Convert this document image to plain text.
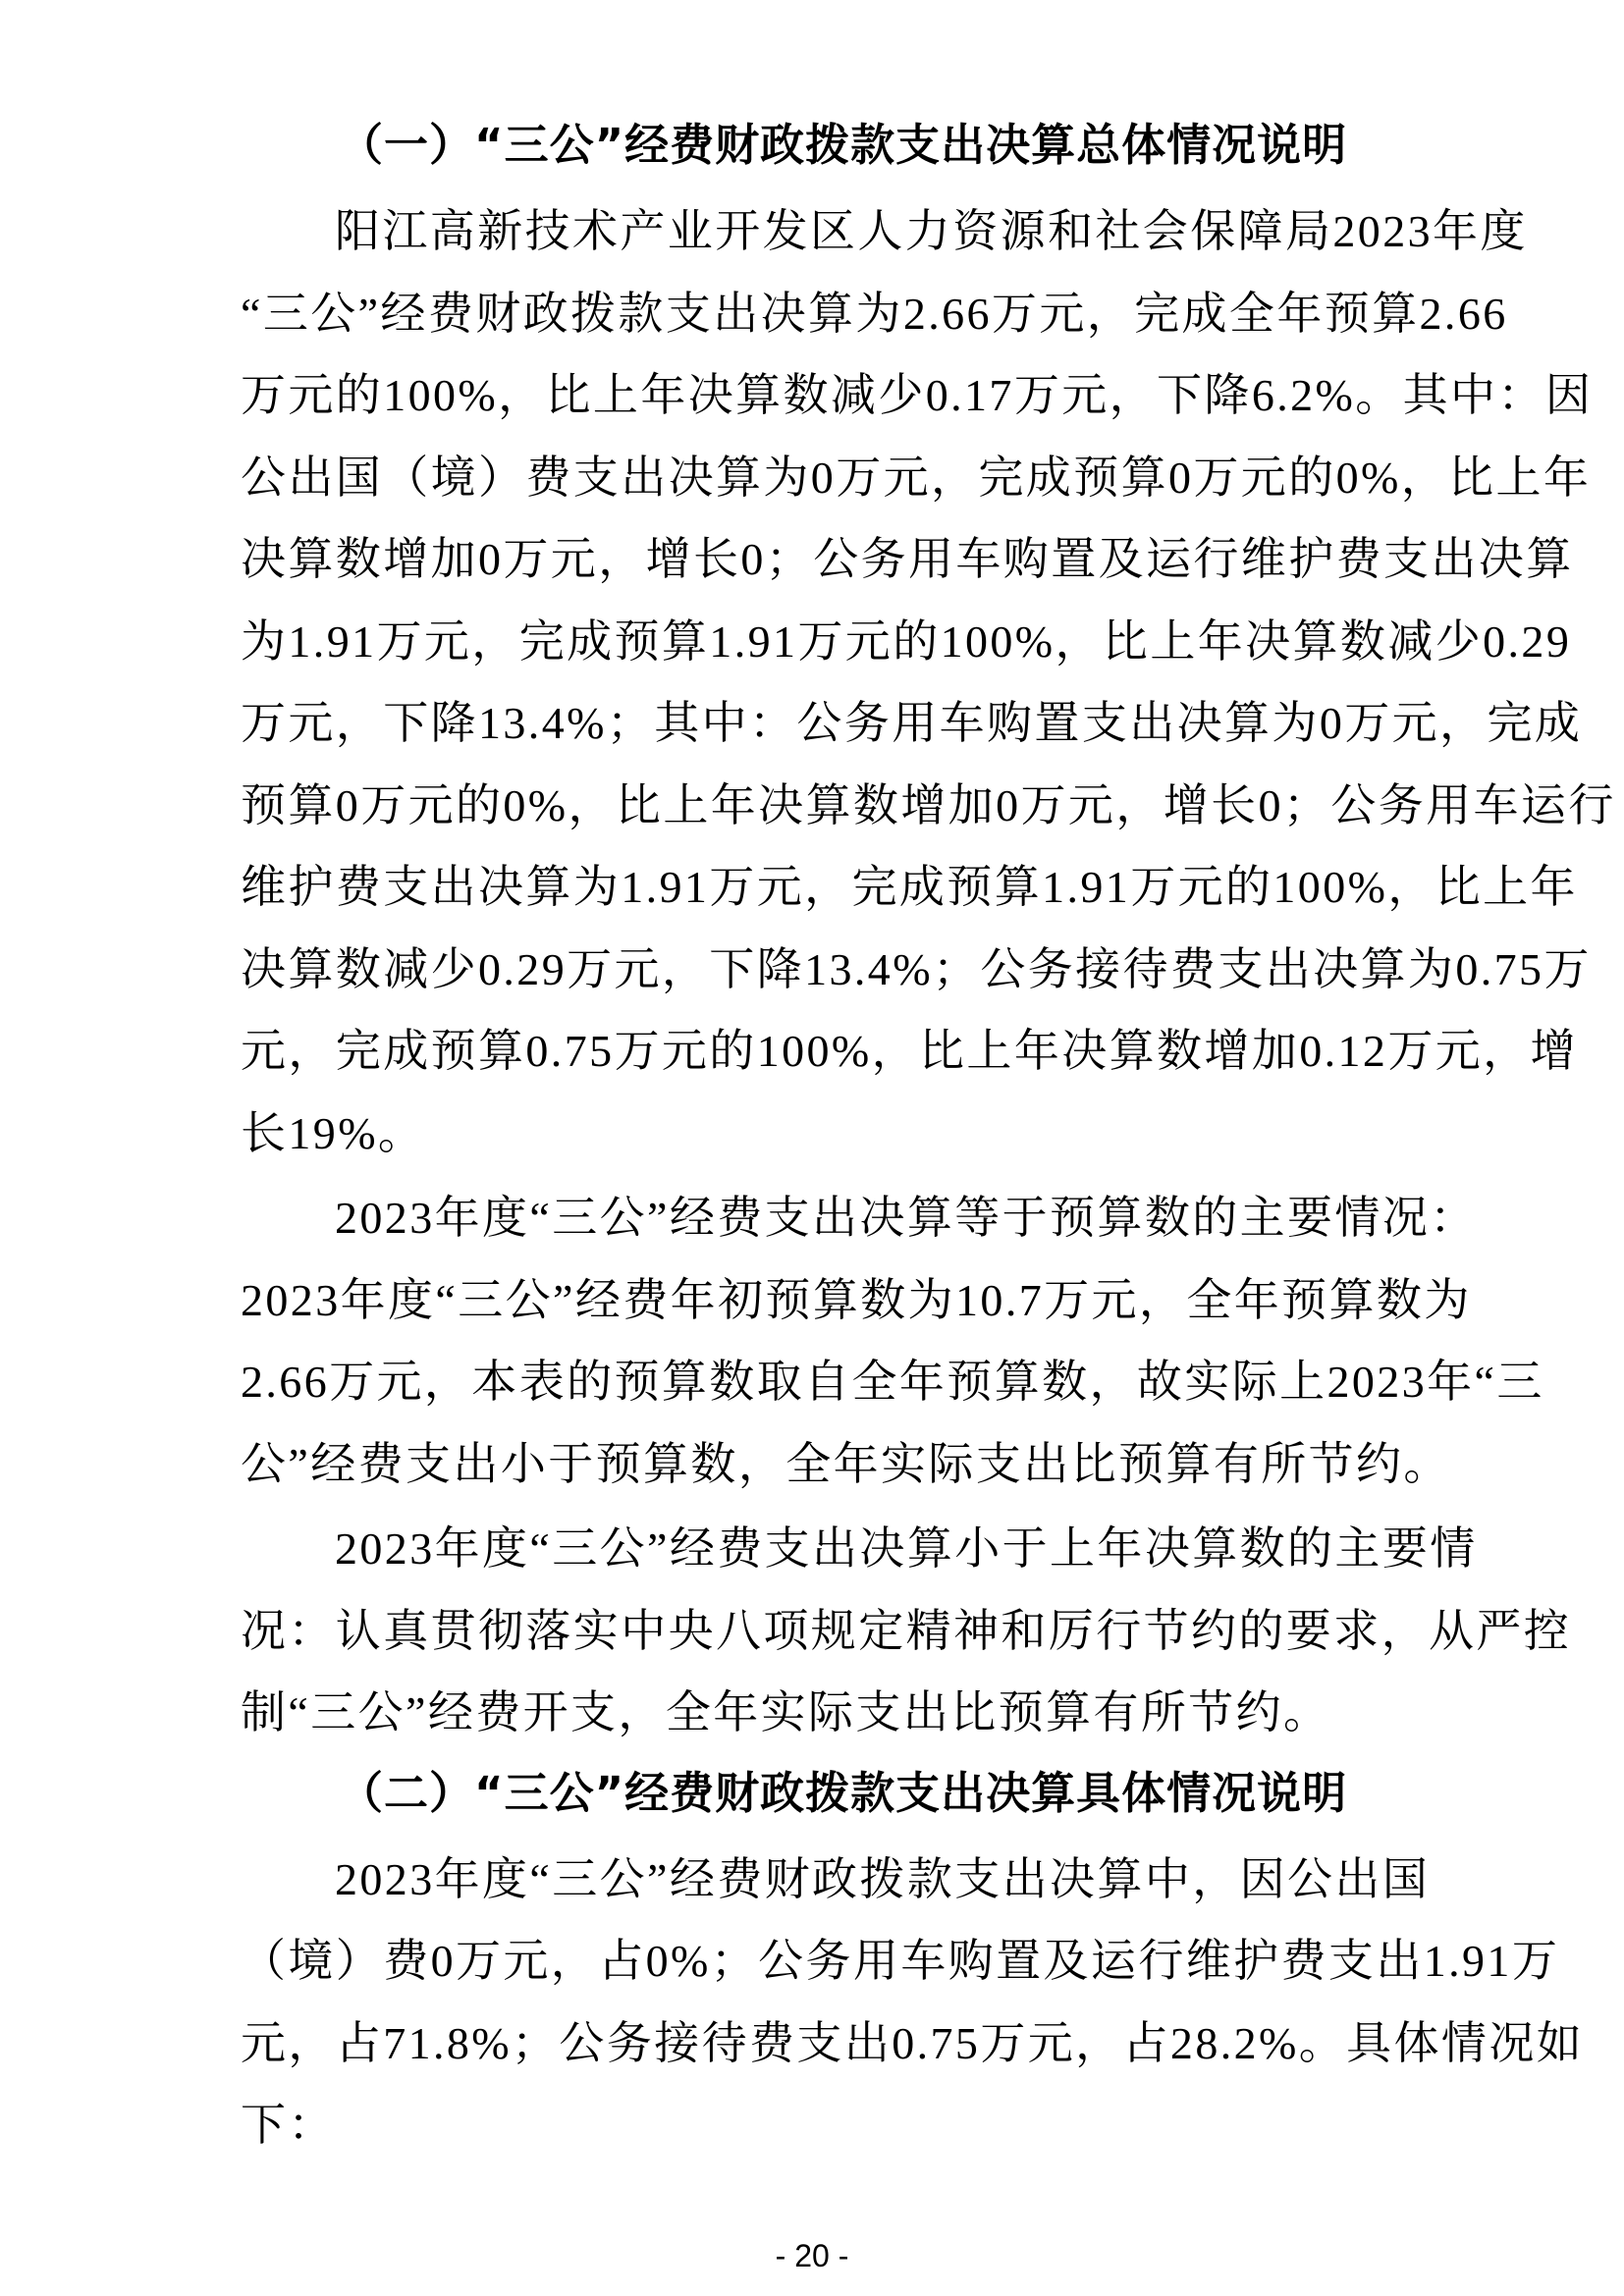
（一）“三公”经费财政拨款支出决算总体情况说明

阳江高新技术产业开发区人力资源和社会保障局2023年度
“三公”经费财政拨款支出决算为2.66万元，完成全年预算2.66
万元的100%，比上年决算数减少0.17万元，下降6.2%。其中：因
公出国（境）费支出决算为0万元，完成预算0万元的0%，比上年
决算数增加0万元，增长0；公务用车购置及运行维护费支出决算
为1.91万元，完成预算1.91万元的100%，比上年决算数减少0.29
万元，下降13.4%；其中：公务用车购置支出决算为0万元，完成
预算0万元的0%，比上年决算数增加0万元，增长0；公务用车运行
维护费支出决算为1.91万元，完成预算1.91万元的100%，比上年
决算数减少0.29万元，下降13.4%；公务接待费支出决算为0.75万
元，完成预算0.75万元的100%，比上年决算数增加0.12万元，增
长19%。

2023年度“三公”经费支出决算等于预算数的主要情况：
2023年度“三公”经费年初预算数为10.7万元，全年预算数为
2.66万元，本表的预算数取自全年预算数，故实际上2023年“三
公”经费支出小于预算数，全年实际支出比预算有所节约。

2023年度“三公”经费支出决算小于上年决算数的主要情
况：认真贯彻落实中央八项规定精神和厉行节约的要求，从严控
制“三公”经费开支，全年实际支出比预算有所节约。

（二）“三公”经费财政拨款支出决算具体情况说明

2023年度“三公”经费财政拨款支出决算中，因公出国
（境）费0万元，占0%；公务用车购置及运行维护费支出1.91万
元，占71.8%；公务接待费支出0.75万元，占28.2%。具体情况如
下：

- 20 -
